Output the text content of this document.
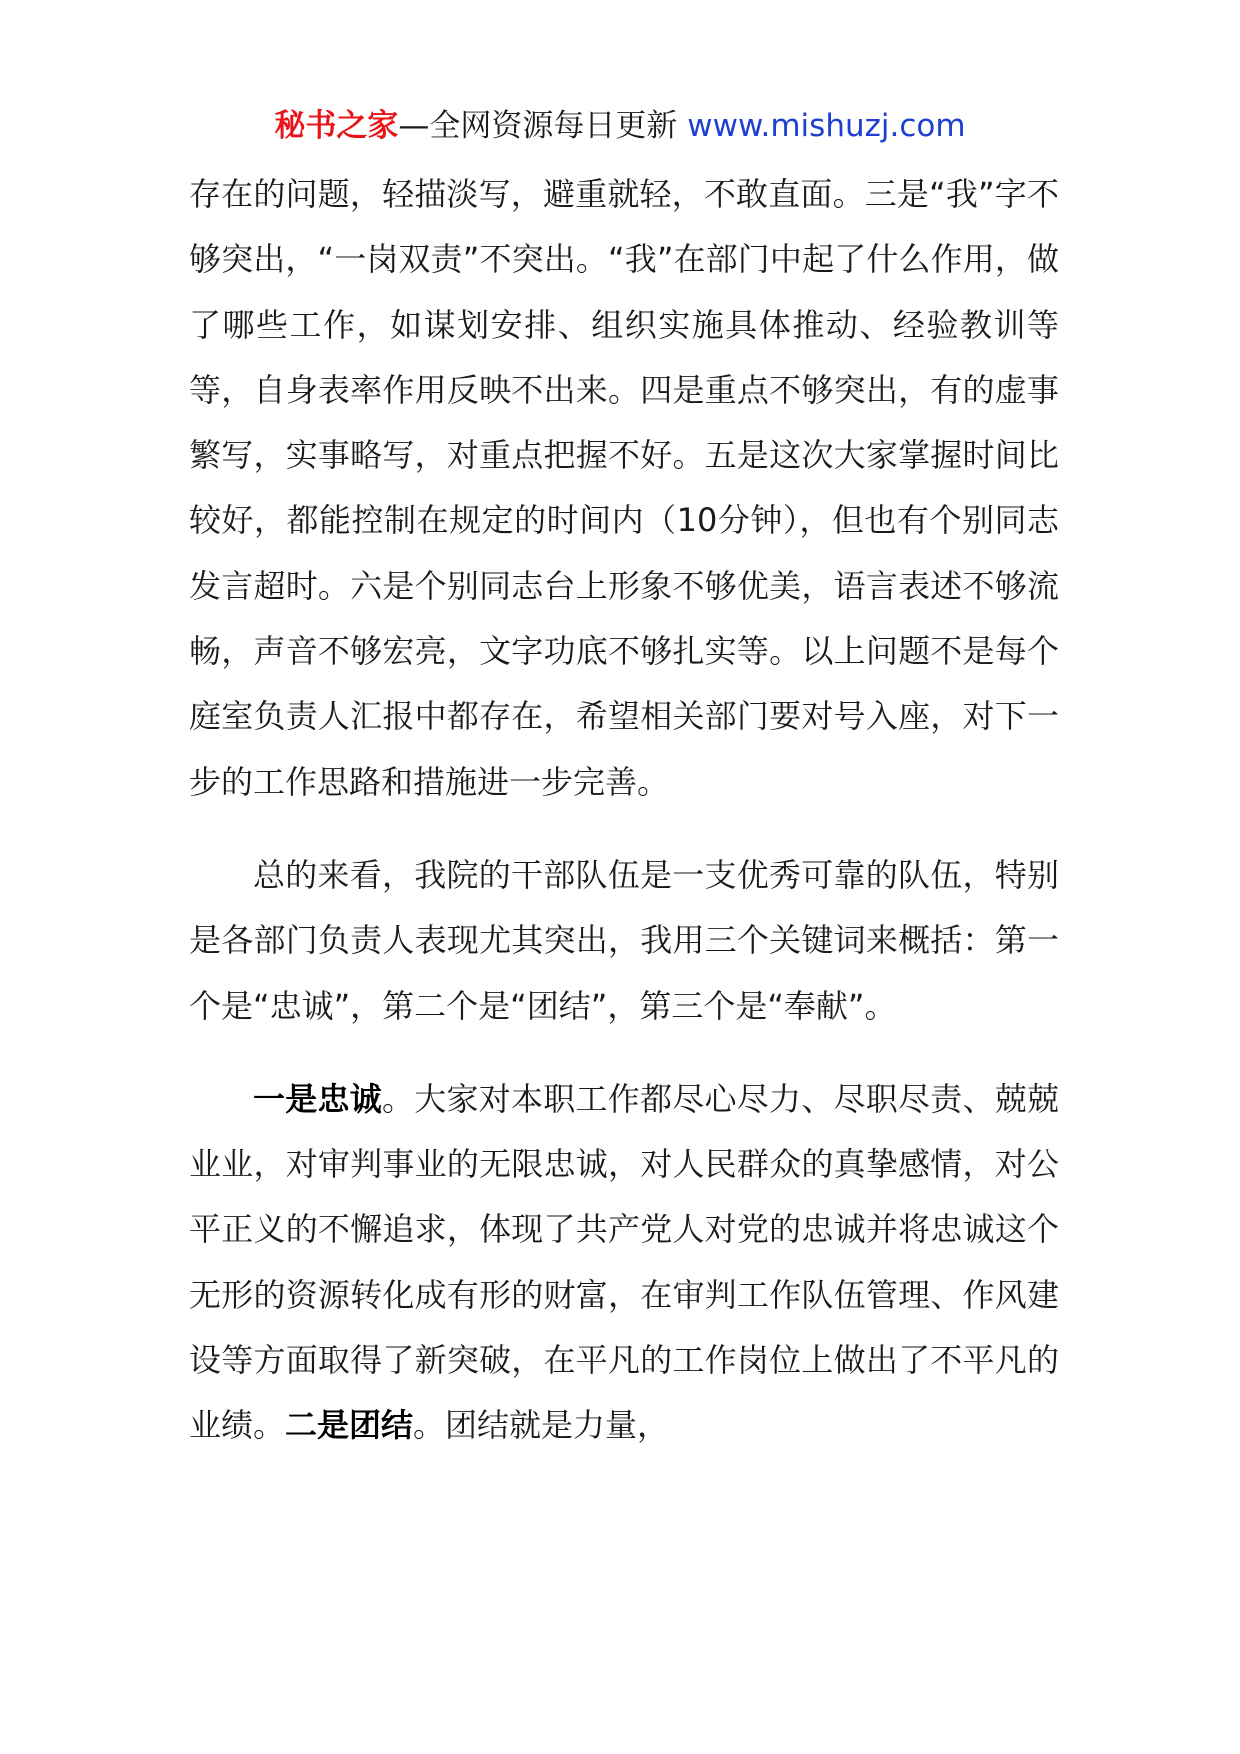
秘书之家—全网资源每日更新 www.mishuzj.com

存在的问题，轻描淡写，避重就轻，不敢直面。三是“我”字不够突出，“一岗双责”不突出。“我”在部门中起了什么作用，做了哪些工作，如谋划安排、组织实施具体推动、经验教训等等，自身表率作用反映不出来。四是重点不够突出，有的虚事繁写，实事略写，对重点把握不好。五是这次大家掌握时间比较好，都能控制在规定的时间内（10分钟），但也有个别同志发言超时。六是个别同志台上形象不够优美，语言表述不够流畅，声音不够宏亮，文字功底不够扎实等。以上问题不是每个庭室负责人汇报中都存在，希望相关部门要对号入座，对下一步的工作思路和措施进一步完善。

总的来看，我院的干部队伍是一支优秀可靠的队伍，特别是各部门负责人表现尤其突出，我用三个关键词来概括：第一个是“忠诚”，第二个是“团结”，第三个是“奉献”。

一是忠诚。大家对本职工作都尽心尽力、尽职尽责、兢兢业业，对审判事业的无限忠诚，对人民群众的真挚感情，对公平正义的不懈追求，体现了共产党人对党的忠诚并将忠诚这个无形的资源转化成有形的财富，在审判工作队伍管理、作风建设等方面取得了新突破，在平凡的工作岗位上做出了不平凡的业绩。二是团结。团结就是力量，
